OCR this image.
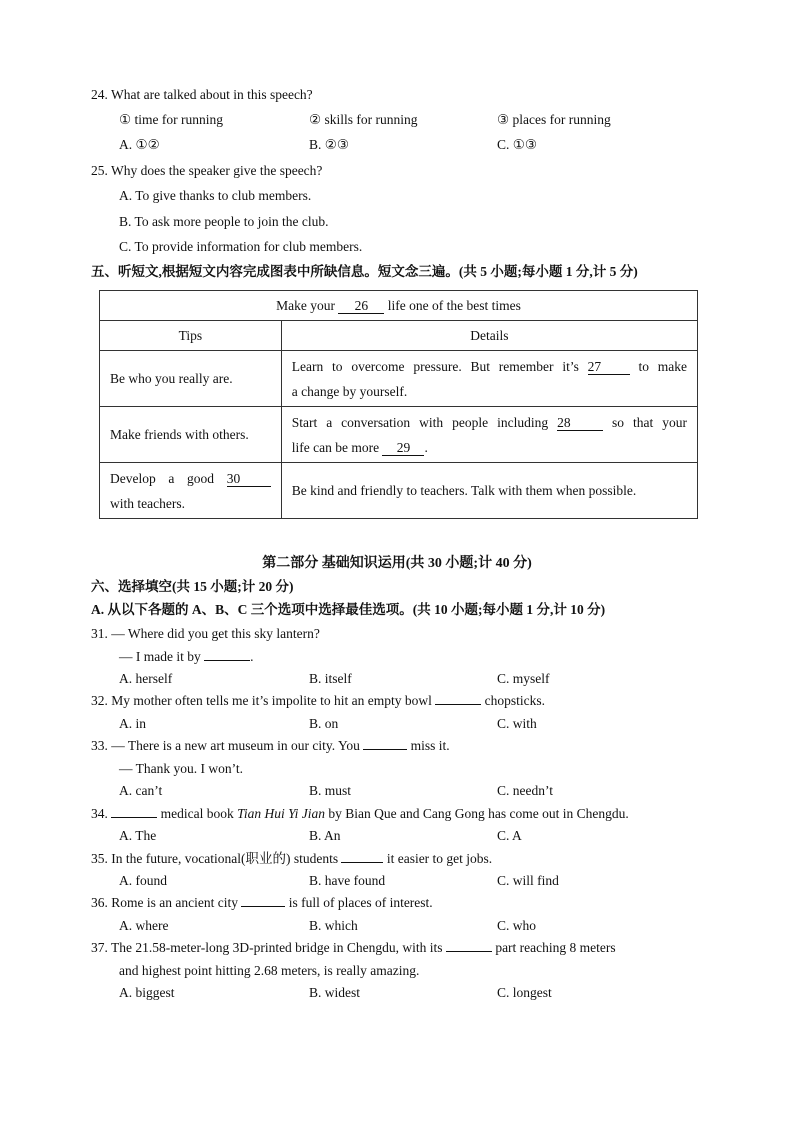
24. What are talked about in this speech?
① time for running	② skills for running	③ places for running
A. ①②	B. ②③	C. ①③
25. Why does the speaker give the speech?
A. To give thanks to club members.
B. To ask more people to join the club.
C. To provide information for club members.
五、听短文,根据短文内容完成图表中所缺信息。短文念三遍。(共 5 小题;每小题 1 分,计 5 分)
Make your 26 life one of the best times	
Tips	Details
Be who you really are.	Learn to overcome pressure. But remember it’s 27 to make
a change by yourself.

Make friends with others.	Start a conversation with people including 28 so that your
life can be more 29 .

Develop a good 30
with teachers.	Be kind and friendly to teachers. Talk with them when possible.
第二部分 基础知识运用(共 30 小题;计 40 分)
六、选择填空(共 15 小题;计 20 分)
A. 从以下各题的 A、B、C 三个选项中选择最佳选项。(共 10 小题;每小题 1 分,计 10 分)
31. — Where did you get this sky lantern?
— I made it by	.
A. herself	B. itself	C. myself
32. My mother often tells me it’s impolite to hit an empty bowl	chopsticks.
A. in	B. on	C. with
33. — There is a new art museum in our city. You	miss it.
— Thank you. I won’t.
A. can’t	B. must	C. needn’t
34.	medical book Tian Hui Yi Jian by Bian Que and Cang Gong has come out in Chengdu.
A. The	B. An	C. A
35. In the future, vocational(职业的) students	it easier to get jobs.
A. found	B. have found	C. will find
36. Rome is an ancient city	is full of places of interest.
A. where	B. which	C. who
37. The 21.58-meter-long 3D-printed bridge in Chengdu, with its	part reaching 8 meters
and highest point hitting 2.68 meters, is really amazing.
A. biggest	B. widest	C. longest
